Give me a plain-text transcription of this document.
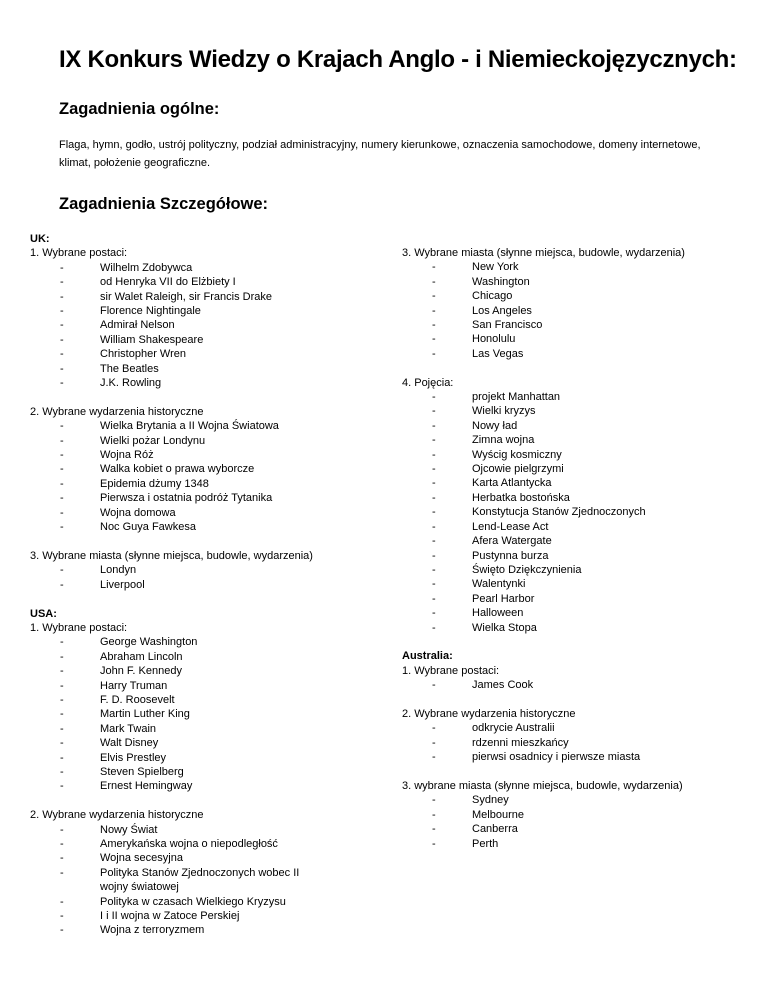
IX Konkurs Wiedzy o Krajach Anglo - i Niemieckojęzycznych:
Zagadnienia ogólne:
Flaga, hymn, godło, ustrój polityczny, podział administracyjny, numery kierunkowe, oznaczenia samochodowe, domeny internetowe, klimat, położenie geograficzne.
Zagadnienia Szczegółowe:
UK:
1. Wybrane postaci:
- Wilhelm Zdobywca
- od Henryka VII do Elżbiety I
- sir Walet Raleigh, sir Francis Drake
- Florence Nightingale
- Admirał Nelson
- William Shakespeare
- Christopher Wren
- The Beatles
- J.K. Rowling
2. Wybrane wydarzenia historyczne
- Wielka Brytania a II Wojna Światowa
- Wielki pożar Londynu
- Wojna Róż
- Walka kobiet o prawa wyborcze
- Epidemia dżumy 1348
- Pierwsza i ostatnia podróż Tytanika
- Wojna domowa
- Noc Guya Fawkesa
3. Wybrane miasta (słynne miejsca, budowle, wydarzenia)
- Londyn
- Liverpool
USA:
1. Wybrane postaci:
- George Washington
- Abraham Lincoln
- John F. Kennedy
- Harry Truman
- F. D. Roosevelt
- Martin Luther King
- Mark Twain
- Walt Disney
- Elvis Prestley
- Steven Spielberg
- Ernest Hemingway
2. Wybrane wydarzenia historyczne
- Nowy Świat
- Amerykańska wojna o niepodległość
- Wojna secesyjna
- Polityka Stanów Zjednoczonych wobec II wojny światowej
- Polityka w czasach Wielkiego Kryzysu
- I i II wojna w Zatoce Perskiej
- Wojna z terroryzmem
3. Wybrane miasta (słynne miejsca, budowle, wydarzenia)
- New York
- Washington
- Chicago
- Los Angeles
- San Francisco
- Honolulu
- Las Vegas
4. Pojęcia:
- projekt Manhattan
- Wielki kryzys
- Nowy ład
- Zimna wojna
- Wyścig kosmiczny
- Ojcowie pielgrzymi
- Karta Atlantycka
- Herbatka bostońska
- Konstytucja Stanów Zjednoczonych
- Lend-Lease Act
- Afera Watergate
- Pustynna burza
- Święto Dziękczynienia
- Walentynki
- Pearl Harbor
- Halloween
- Wielka Stopa
Australia:
1. Wybrane postaci:
- James Cook
2. Wybrane wydarzenia historyczne
- odkrycie Australii
- rdzenni mieszkańcy
- pierwsi osadnicy i pierwsze miasta
3. wybrane miasta (słynne miejsca, budowle, wydarzenia)
- Sydney
- Melbourne
- Canberra
- Perth
